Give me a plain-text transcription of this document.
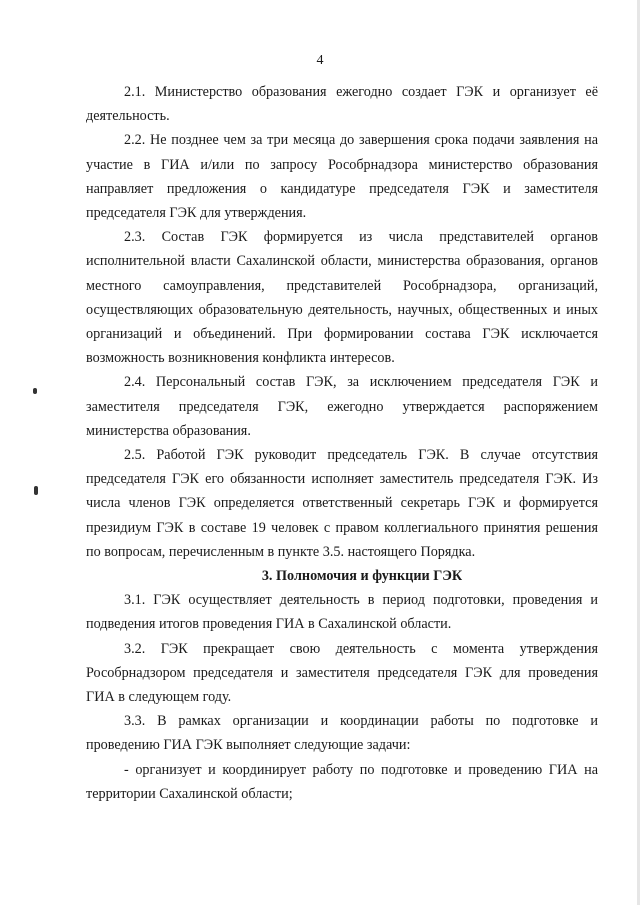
4

2.1. Министерство образования ежегодно создает ГЭК и организует её деятельность.

2.2. Не позднее чем за три месяца до завершения срока подачи заявления на участие в ГИА и/или по запросу Рособрнадзора министерство образования направляет предложения о кандидатуре председателя ГЭК и заместителя председателя ГЭК для утверждения.

2.3. Состав ГЭК формируется из числа представителей органов исполнительной власти Сахалинской области, министерства образования, органов местного самоуправления, представителей Рособрнадзора, организаций, осуществляющих образовательную деятельность, научных, общественных и иных организаций и объединений. При формировании состава ГЭК исключается возможность возникновения конфликта интересов.

2.4. Персональный состав ГЭК, за исключением председателя ГЭК и заместителя председателя ГЭК, ежегодно утверждается распоряжением министерства образования.

2.5. Работой ГЭК руководит председатель ГЭК. В случае отсутствия председателя ГЭК его обязанности исполняет заместитель председателя ГЭК. Из числа членов ГЭК определяется ответственный секретарь ГЭК и формируется президиум ГЭК в составе 19 человек с правом коллегиального принятия решения по вопросам, перечисленным в пункте 3.5. настоящего Порядка.

3. Полномочия и функции ГЭК

3.1. ГЭК осуществляет деятельность в период подготовки, проведения и подведения итогов проведения ГИА в Сахалинской области.

3.2. ГЭК прекращает свою деятельность с момента утверждения Рособрнадзором председателя и заместителя председателя ГЭК для проведения ГИА в следующем году.

3.3. В рамках организации и координации работы по подготовке и проведению ГИА ГЭК выполняет следующие задачи:

- организует и координирует работу по подготовке и проведению ГИА на территории Сахалинской области;
